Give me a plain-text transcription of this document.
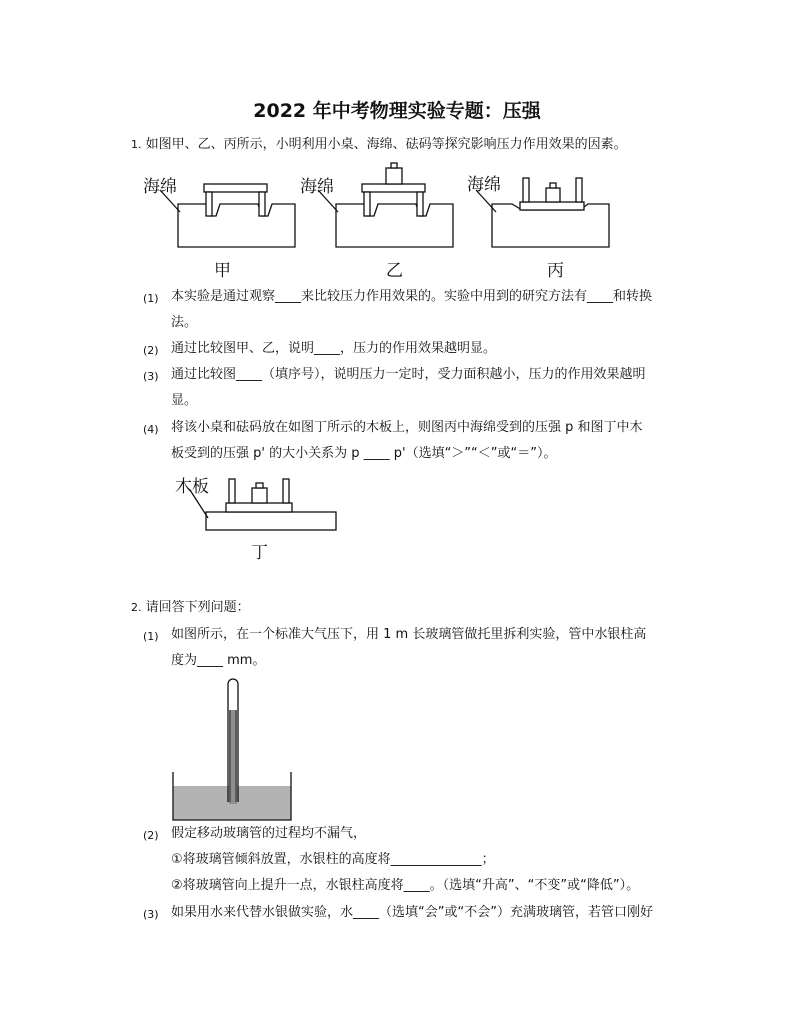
2022 年中考物理实验专题：压强
1. 如图甲、乙、丙所示，小明利用小桌、海绵、砝码等探究影响压力作用效果的因素。
海绵	海绵	海绵
甲	乙	丙
(1) 本实验是通过观察____来比较压力作用效果的。实验中用到的研究方法有____和转换
法。
(2) 通过比较图甲、乙，说明____，压力的作用效果越明显。
(3) 通过比较图____（填序号），说明压力一定时，受力面积越小，压力的作用效果越明
显。
(4) 将该小桌和砝码放在如图丁所示的木板上，则图丙中海绵受到的压强 p 和图丁中木
板受到的压强 p' 的大小关系为 p ____ p'（选填“＞”“＜”或“＝”）。
木板
丁
2. 请回答下列问题：
(1) 如图所示，在一个标准大气压下，用 1 m 长玻璃管做托里拆利实验，管中水银柱高
度为____ mm。
(2) 假定移动玻璃管的过程均不漏气，
①将玻璃管倾斜放置，水银柱的高度将______________；
②将玻璃管向上提升一点，水银柱高度将____。（选填“升高”、“不变”或“降低”）。
(3) 如果用水来代替水银做实验，水____（选填“会”或“不会”）充满玻璃管，若管口刚好
